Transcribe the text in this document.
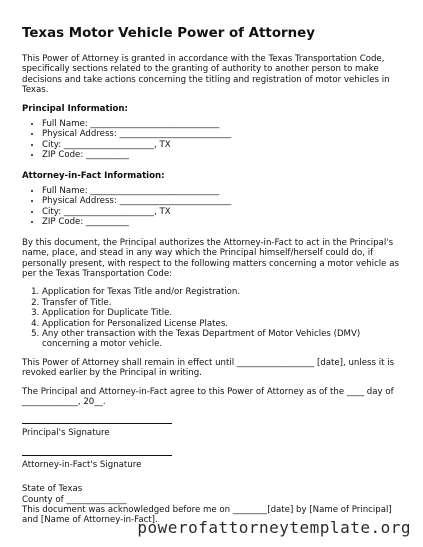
Texas Motor Vehicle Power of Attorney

This Power of Attorney is granted in accordance with the Texas Transportation Code, specifically sections related to the granting of authority to another person to make decisions and take actions concerning the titling and registration of motor vehicles in Texas.

Principal Information:
• Full Name: ______________________________
• Physical Address: __________________________
• City: _____________________, TX
• ZIP Code: __________
Attorney-in-Fact Information:
• Full Name: ______________________________
• Physical Address: __________________________
• City: _____________________, TX
• ZIP Code: __________

By this document, the Principal authorizes the Attorney-in-Fact to act in the Principal's name, place, and stead in any way which the Principal himself/herself could do, if personally present, with respect to the following matters concerning a motor vehicle as per the Texas Transportation Code:

1. Application for Texas Title and/or Registration.
2. Transfer of Title.
3. Application for Duplicate Title.
4. Application for Personalized License Plates.
5. Any other transaction with the Texas Department of Motor Vehicles (DMV) concerning a motor vehicle.

This Power of Attorney shall remain in effect until __________________ [date], unless it is revoked earlier by the Principal in writing.

The Principal and Attorney-in-Fact agree to this Power of Attorney as of the ____ day of _____________, 20__.

Principal's Signature
Attorney-in-Fact's Signature
State of Texas
County of ______________
This document was acknowledged before me on ________[date] by [Name of Principal] and [Name of Attorney-in-Fact].
powerofattorneytemplate.org
